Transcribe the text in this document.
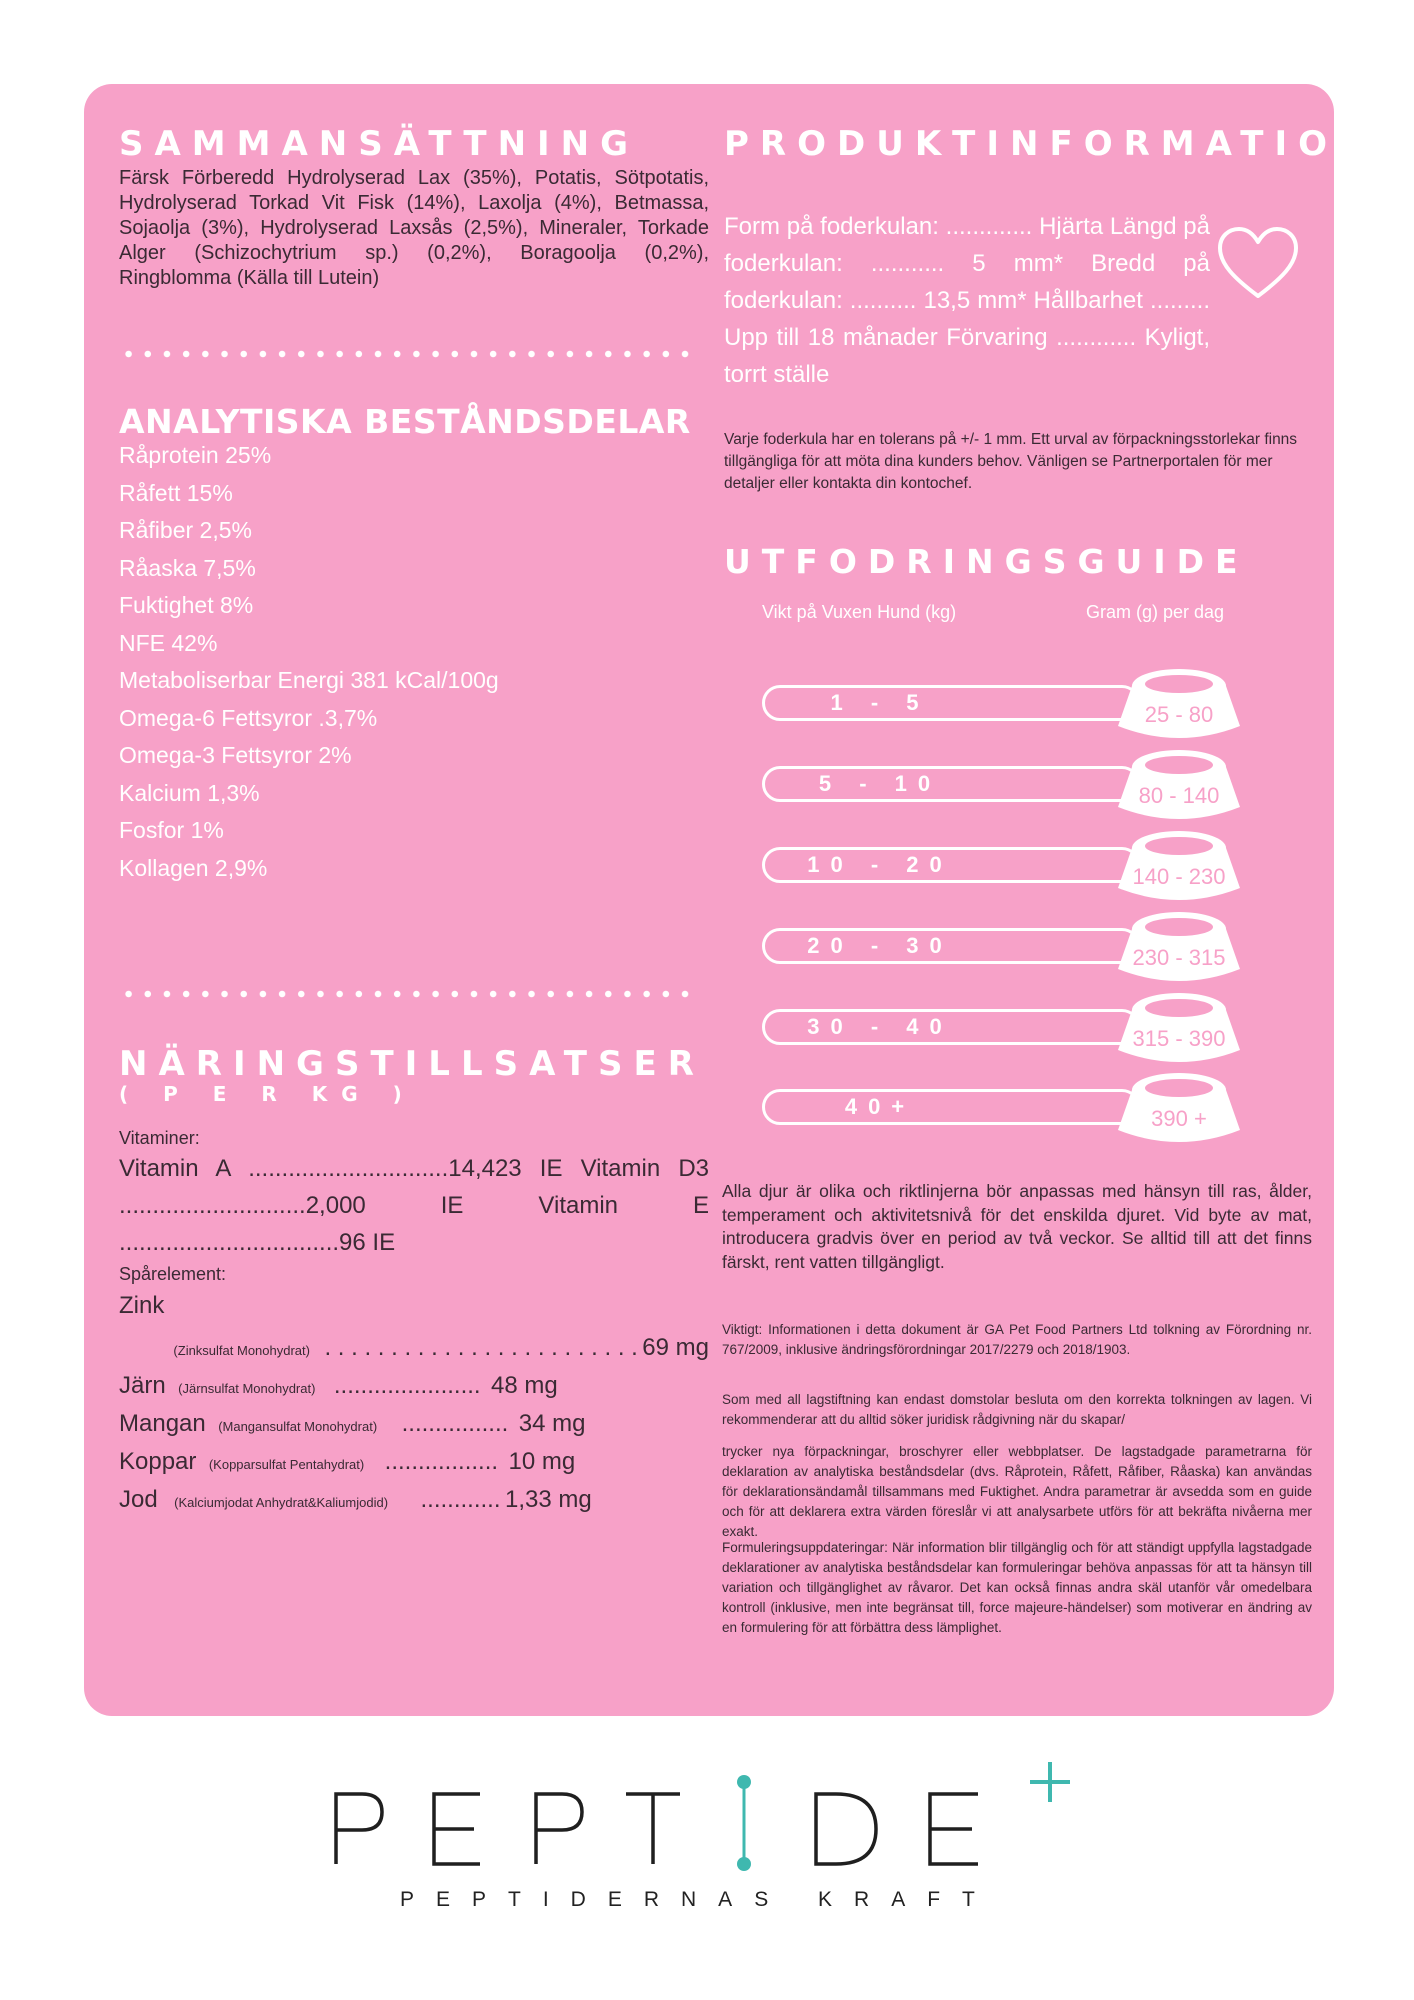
SAMMANSÄTTNING

Färsk Förberedd Hydrolyserad Lax (35%), Potatis, Sötpotatis, Hydrolyserad Torkad Vit Fisk (14%), Laxolja (4%), Betmassa, Sojaolja (3%), Hydrolyserad Laxsås (2,5%), Mineraler, Torkade Alger (Schizochytrium sp.) (0,2%), Boragoolja (0,2%), Ringblomma (Källa till Lutein)

ANALYTISKA BESTÅNDSDELAR
Råprotein 25%
Råfett 15%
Råfiber 2,5%
Råaska 7,5%
Fuktighet 8%
NFE 42%
Metaboliserbar Energi 381 kCal/100g
Omega-6 Fettsyror .3,7%
Omega-3 Fettsyror 2%
Kalcium 1,3%
Fosfor 1%
Kollagen 2,9%
NÄRINGSTILLSATSER
( P E R KG )
Vitaminer:

Vitamin A ..............................14,423 IE Vitamin D3 ............................2,000 IE Vitamin E .................................96 IE

Spårelement:
Zink
(Zinksulfat Monohydrat) . . . . . . . . . . . . . . . . . . . . . . . . 69 mg
Järn (Järnsulfat Monohydrat) ...................... 48 mg
Mangan (Mangansulfat Monohydrat) ................ 34 mg
Koppar (Kopparsulfat Pentahydrat) ................. 10 mg
Jod (Kalciumjodat Anhydrat&Kaliumjodid) ............ 1,33 mg
PRODUKTINFORMATION

Form på foderkulan: ............. Hjärta Längd på foderkulan: ........... 5 mm* Bredd på foderkulan: .......... 13,5 mm* Hållbarhet ......... Upp till 18 månader Förvaring ............ Kyligt, torrt ställe

Varje foderkula har en tolerans på +/- 1 mm. Ett urval av förpackningsstorlekar finns tillgängliga för att möta dina kunders behov. Vänligen se Partnerportalen för mer detaljer eller kontakta din kontochef.

UTFODRINGSGUIDE
Vikt på Vuxen Hund (kg)	Gram (g) per dag
1 - 5	25 - 80
5 - 10	80 - 140
10 - 20	140 - 230
20 - 30	230 - 315
30 - 40	315 - 390
40+	390 +

Alla djur är olika och riktlinjerna bör anpassas med hänsyn till ras, ålder, temperament och aktivitetsnivå för det enskilda djuret. Vid byte av mat, introducera gradvis över en period av två veckor. Se alltid till att det finns färskt, rent vatten tillgängligt.

Viktigt: Informationen i detta dokument är GA Pet Food Partners Ltd tolkning av Förordning nr. 767/2009, inklusive ändringsförordningar 2017/2279 och 2018/1903.

Som med all lagstiftning kan endast domstolar besluta om den korrekta tolkningen av lagen. Vi rekommenderar att du alltid söker juridisk rådgivning när du skapar/

trycker nya förpackningar, broschyrer eller webbplatser. De lagstadgade parametrarna för deklaration av analytiska beståndsdelar (dvs. Råprotein, Råfett, Råfiber, Råaska) kan användas för deklarationsändamål tillsammans med Fuktighet. Andra parametrar är avsedda som en guide och för att deklarera extra värden föreslår vi att analysarbete utförs för att bekräfta nivåerna mer exakt.

Formuleringsuppdateringar: När information blir tillgänglig och för att ständigt uppfylla lagstadgade deklarationer av analytiska beståndsdelar kan formuleringar behöva anpassas för att ta hänsyn till variation och tillgänglighet av råvaror. Det kan också finnas andra skäl utanför vår omedelbara kontroll (inklusive, men inte begränsat till, force majeure-händelser) som motiverar en ändring av en formulering för att förbättra dess lämplighet.

PEPTIDERNAS KRAFT
